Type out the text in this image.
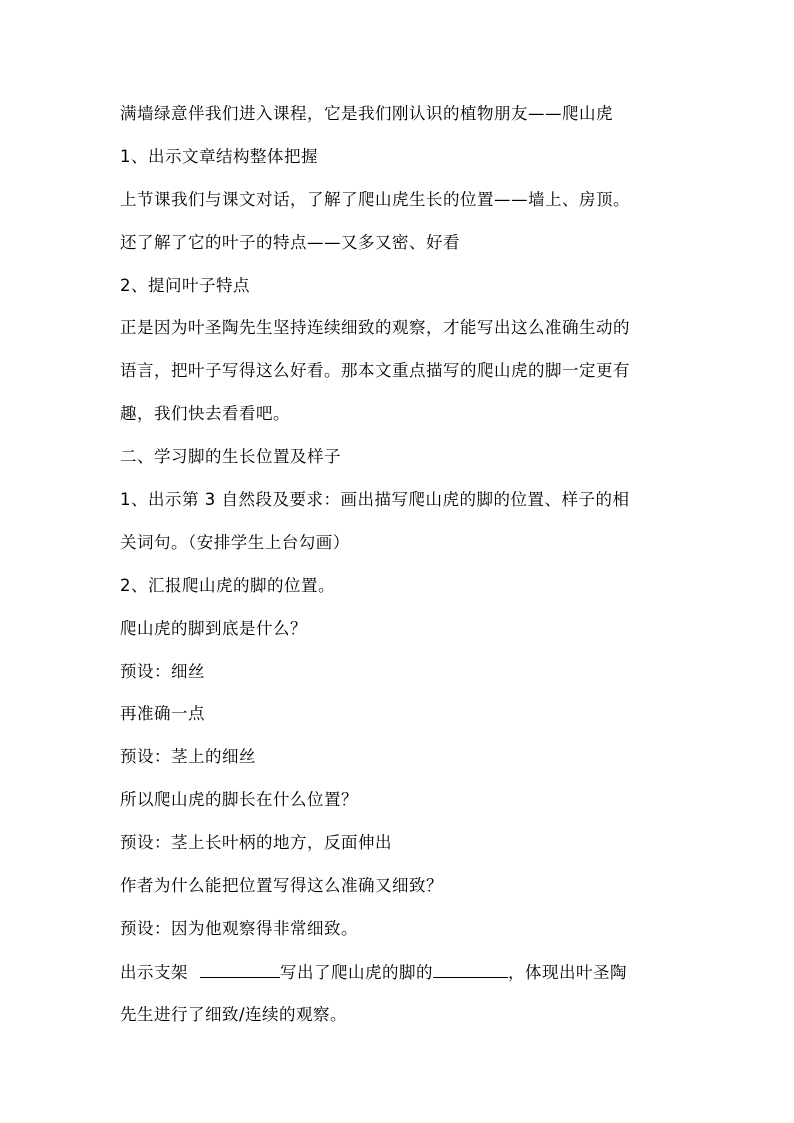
满墙绿意伴我们进入课程，它是我们刚认识的植物朋友——爬山虎
1、出示文章结构整体把握
上节课我们与课文对话，了解了爬山虎生长的位置——墙上、房顶。
还了解了它的叶子的特点——又多又密、好看
2、提问叶子特点
正是因为叶圣陶先生坚持连续细致的观察，才能写出这么准确生动的
语言，把叶子写得这么好看。那本文重点描写的爬山虎的脚一定更有
趣，我们快去看看吧。
二、学习脚的生长位置及样子
1、出示第 3 自然段及要求：画出描写爬山虎的脚的位置、样子的相
关词句。（安排学生上台勾画）
2、汇报爬山虎的脚的位置。
爬山虎的脚到底是什么？
预设：细丝
再准确一点
预设：茎上的细丝
所以爬山虎的脚长在什么位置？
预设：茎上长叶柄的地方，反面伸出
作者为什么能把位置写得这么准确又细致？
预设：因为他观察得非常细致。
出示支架	写出了爬山虎的脚的	，体现出叶圣陶
先生进行了细致/连续的观察。
